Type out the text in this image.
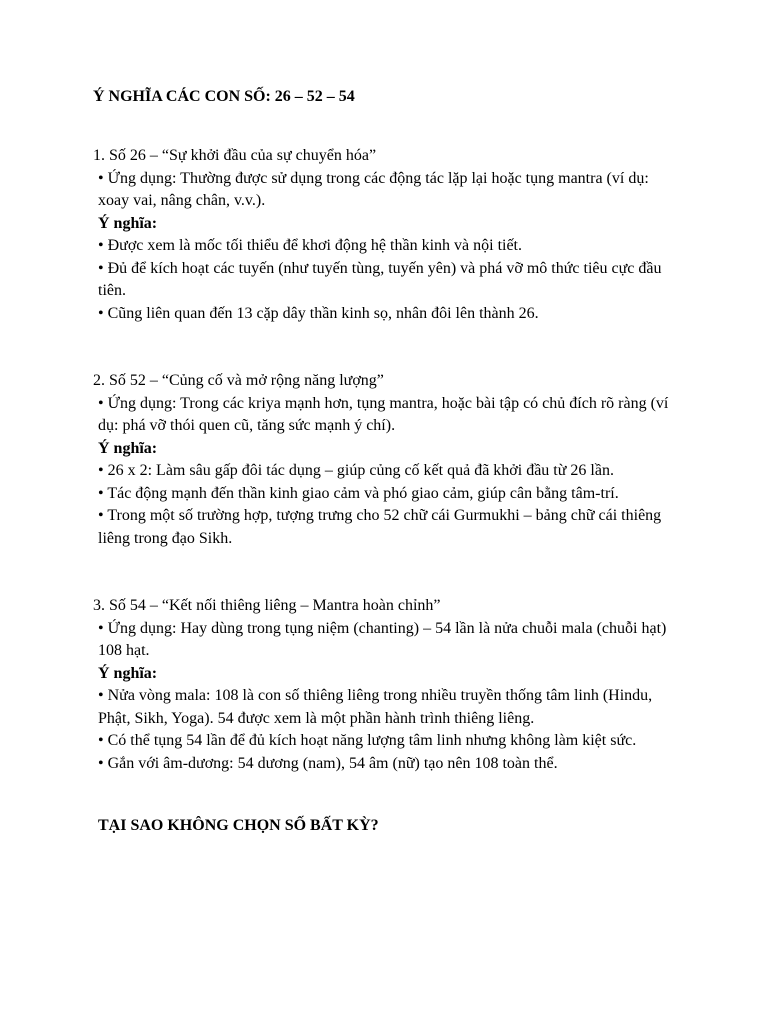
Ý NGHĨA CÁC CON SỐ: 26 – 52 – 54
1. Số 26 – “Sự khởi đầu của sự chuyển hóa”
• Ứng dụng: Thường được sử dụng trong các động tác lặp lại hoặc tụng mantra (ví dụ: xoay vai, nâng chân, v.v.).
Ý nghĩa:
• Được xem là mốc tối thiểu để khơi động hệ thần kinh và nội tiết.
• Đủ để kích hoạt các tuyến (như tuyến tùng, tuyến yên) và phá vỡ mô thức tiêu cực đầu tiên.
• Cũng liên quan đến 13 cặp dây thần kinh sọ, nhân đôi lên thành 26.
2. Số 52 – “Củng cố và mở rộng năng lượng”
• Ứng dụng: Trong các kriya mạnh hơn, tụng mantra, hoặc bài tập có chủ đích rõ ràng (ví dụ: phá vỡ thói quen cũ, tăng sức mạnh ý chí).
Ý nghĩa:
• 26 x 2: Làm sâu gấp đôi tác dụng – giúp củng cố kết quả đã khởi đầu từ 26 lần.
• Tác động mạnh đến thần kinh giao cảm và phó giao cảm, giúp cân bằng tâm-trí.
• Trong một số trường hợp, tượng trưng cho 52 chữ cái Gurmukhi – bảng chữ cái thiêng liêng trong đạo Sikh.
3. Số 54 – “Kết nối thiêng liêng – Mantra hoàn chỉnh”
• Ứng dụng: Hay dùng trong tụng niệm (chanting) – 54 lần là nửa chuỗi mala (chuỗi hạt) 108 hạt.
Ý nghĩa:
• Nửa vòng mala: 108 là con số thiêng liêng trong nhiều truyền thống tâm linh (Hindu, Phật, Sikh, Yoga). 54 được xem là một phần hành trình thiêng liêng.
• Có thể tụng 54 lần để đủ kích hoạt năng lượng tâm linh nhưng không làm kiệt sức.
• Gắn với âm-dương: 54 dương (nam), 54 âm (nữ) tạo nên 108 toàn thể.
TẠI SAO KHÔNG CHỌN SỐ BẤT KỲ?
